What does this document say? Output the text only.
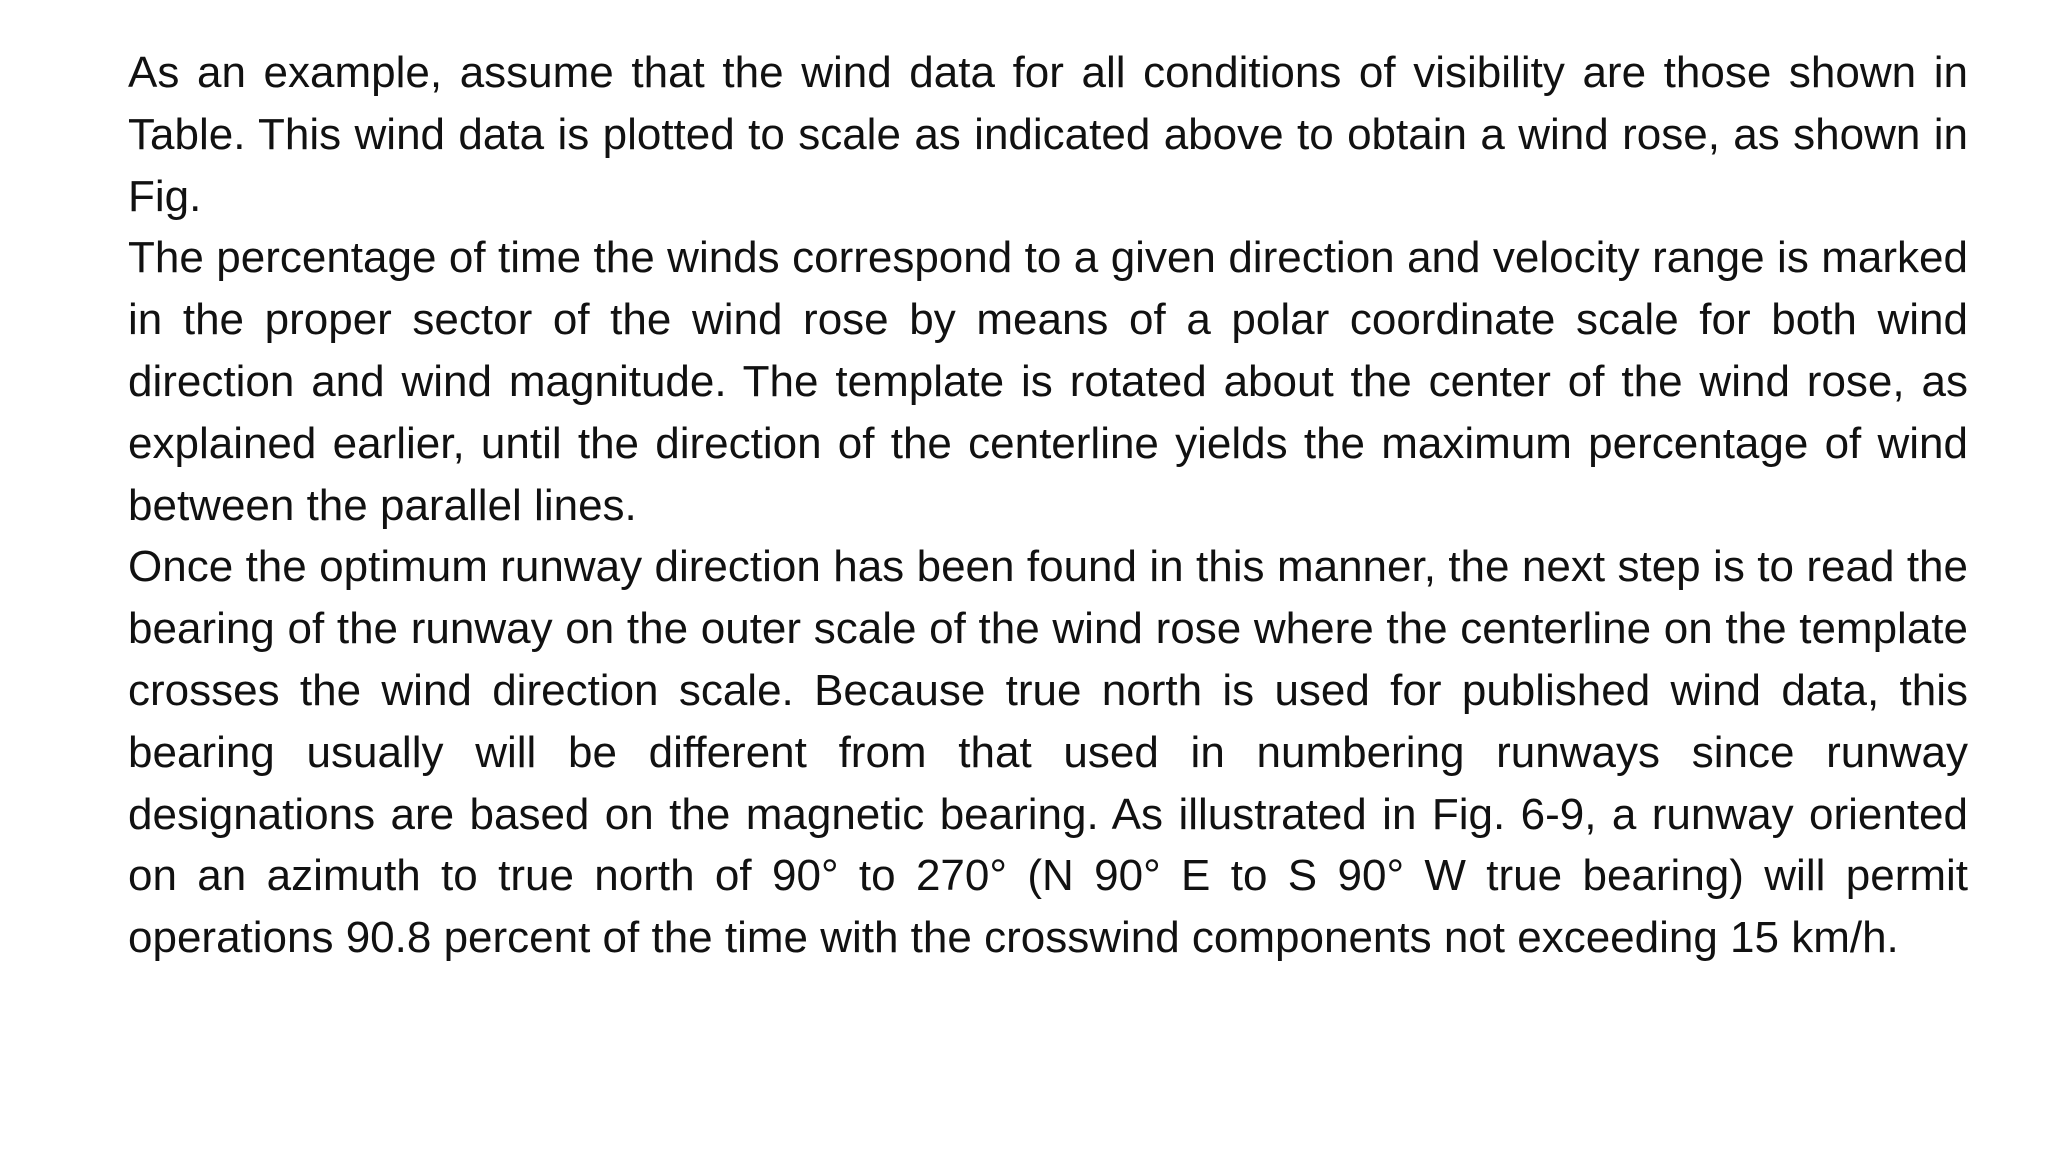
As an example, assume that the wind data for all conditions of visibility are those shown in Table. This wind data is plotted to scale as indicated above to obtain a wind rose, as shown in Fig.

The percentage of time the winds correspond to a given direction and velocity range is marked in the proper sector of the wind rose by means of a polar coordinate scale for both wind direction and wind magnitude. The template is rotated about the center of the wind rose, as explained earlier, until the direction of the centerline yields the maximum percentage of wind between the parallel lines.

Once the optimum runway direction has been found in this manner, the next step is to read the bearing of the runway on the outer scale of the wind rose where the centerline on the template crosses the wind direction scale. Because true north is used for published wind data, this bearing usually will be different from that used in numbering runways since runway designations are based on the magnetic bearing. As illustrated in Fig. 6-9, a runway oriented on an azimuth to true north of 90° to 270° (N 90° E to S 90° W true bearing) will permit operations 90.8 percent of the time with the crosswind components not exceeding 15 km/h.
